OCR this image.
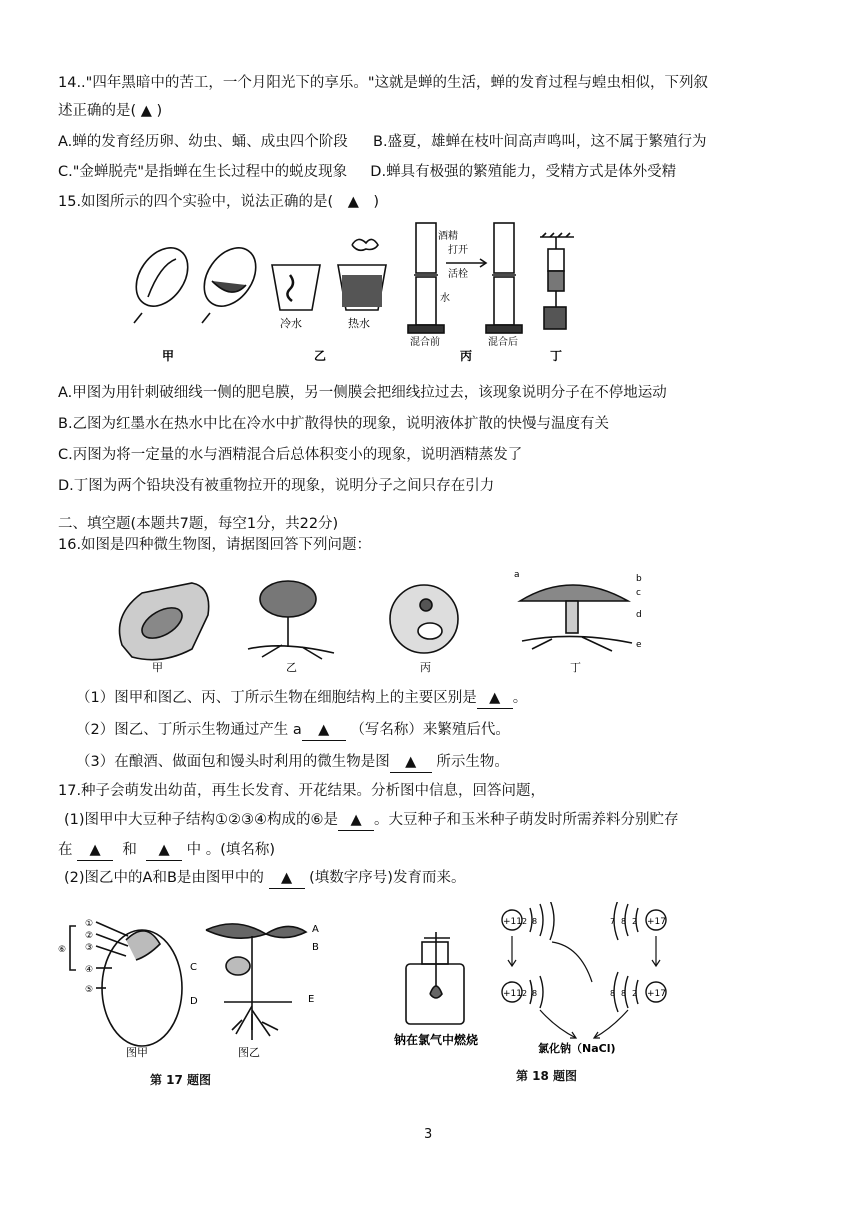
14.."四年黑暗中的苦工，一个月阳光下的享乐。"这就是蝉的生活，蝉的发育过程与蝗虫相似，下列叙
述正确的是( ▲ )
A.蝉的发育经历卵、幼虫、蛹、成虫四个阶段 B.盛夏，雄蝉在枝叶间高声鸣叫，这不属于繁殖行为
C."金蝉脱壳"是指蝉在生长过程中的蜕皮现象 D.蝉具有极强的繁殖能力，受精方式是体外受精
15.如图所示的四个实验中，说法正确的是(　▲　)
冷水	热水
酒精
水
打开
活栓
混合前	混合后
甲	乙	丙	丁
A.甲图为用针刺破细线一侧的肥皂膜，另一侧膜会把细线拉过去，该现象说明分子在不停地运动
B.乙图为红墨水在热水中比在冷水中扩散得快的现象，说明液体扩散的快慢与温度有关
C.丙图为将一定量的水与酒精混合后总体积变小的现象，说明酒精蒸发了
D.丁图为两个铅块没有被重物拉开的现象，说明分子之间只存在引力
二、填空题(本题共7题，每空1分，共22分)
16.如图是四种微生物图，请据图回答下列问题：
a	b
c
d
e
甲	乙	丙	丁
（1）图甲和图乙、丙、丁所示生物在细胞结构上的主要区别是 ▲ 。
（2）图乙、丁所示生物通过产生 a ▲ （写名称）来繁殖后代。
（3）在酿酒、做面包和馒头时利用的微生物是图 ▲ 所示生物。
17.种子会萌发出幼苗，再生长发育、开花结果。分析图中信息，回答问题，
(1)图甲中大豆种子结构①②③④构成的⑥是 ▲ 。大豆种子和玉米种子萌发时所需养料分别贮存
在 ▲ 和 ▲ 中 。(填名称)
(2)图乙中的A和B是由图甲中的 ▲ (填数字序号)发育而来。
①
②
③
④
⑤
⑥
A
B
C
D	E
图甲	图乙
第 17 题图
钠在氯气中燃烧
+11 2 8	+17
7 8 2
+11 2 8	+17
8 8 2
氯化钠（NaCl)
第 18 题图
3
